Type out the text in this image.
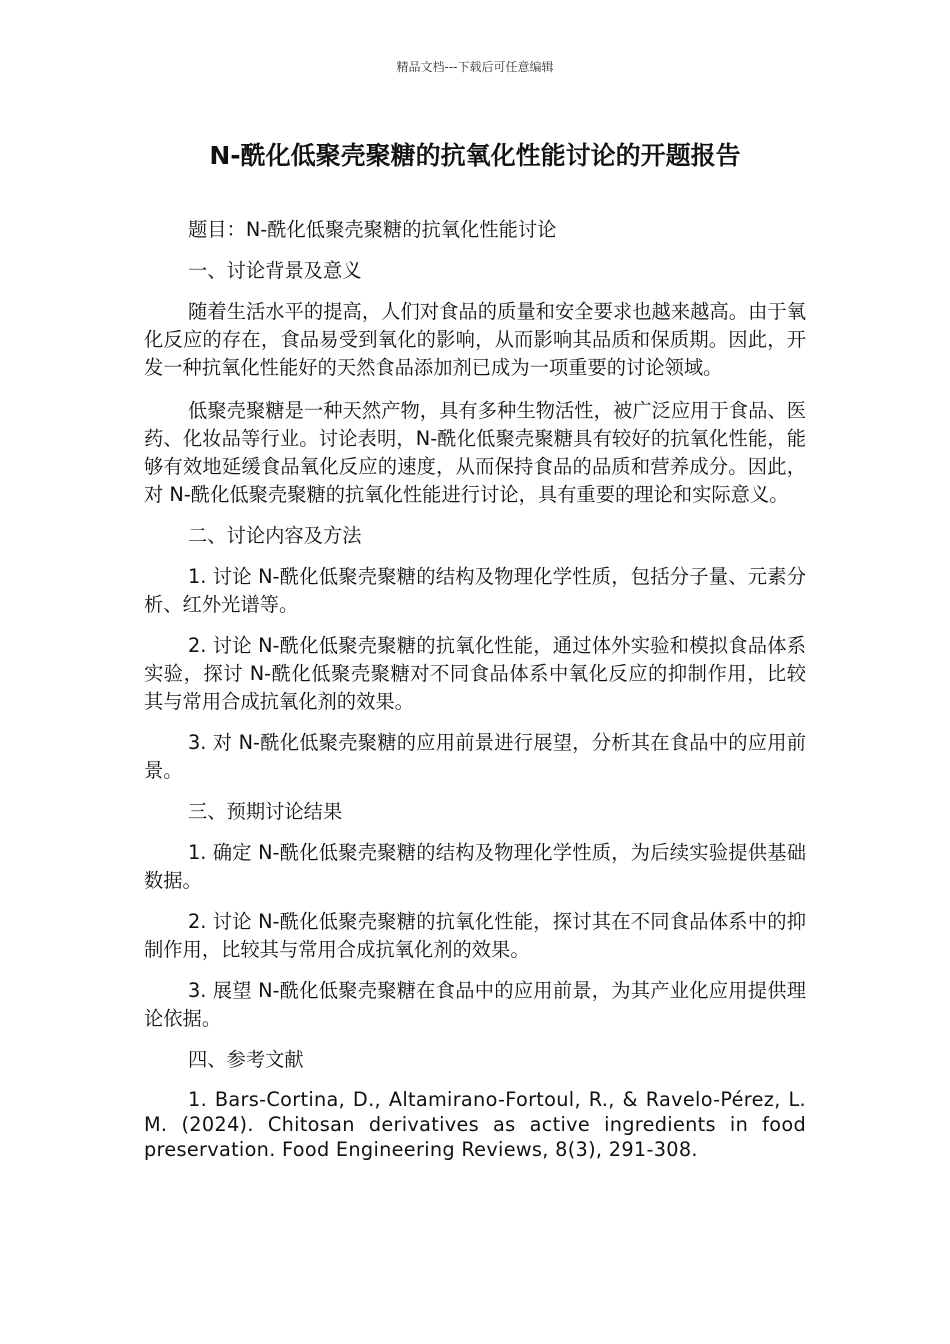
精品文档---下载后可任意编辑
N-酰化低聚壳聚糖的抗氧化性能讨论的开题报告

题目：N-酰化低聚壳聚糖的抗氧化性能讨论

一、讨论背景及意义

随着生活水平的提高，人们对食品的质量和安全要求也越来越高。由于氧化反应的存在，食品易受到氧化的影响，从而影响其品质和保质期。因此，开发一种抗氧化性能好的天然食品添加剂已成为一项重要的讨论领域。

低聚壳聚糖是一种天然产物，具有多种生物活性，被广泛应用于食品、医药、化妆品等行业。讨论表明，N-酰化低聚壳聚糖具有较好的抗氧化性能，能够有效地延缓食品氧化反应的速度，从而保持食品的品质和营养成分。因此，对 N-酰化低聚壳聚糖的抗氧化性能进行讨论，具有重要的理论和实际意义。

二、讨论内容及方法

1. 讨论 N-酰化低聚壳聚糖的结构及物理化学性质，包括分子量、元素分析、红外光谱等。

2. 讨论 N-酰化低聚壳聚糖的抗氧化性能，通过体外实验和模拟食品体系实验，探讨 N-酰化低聚壳聚糖对不同食品体系中氧化反应的抑制作用，比较其与常用合成抗氧化剂的效果。

3. 对 N-酰化低聚壳聚糖的应用前景进行展望，分析其在食品中的应用前景。

三、预期讨论结果

1. 确定 N-酰化低聚壳聚糖的结构及物理化学性质，为后续实验提供基础数据。

2. 讨论 N-酰化低聚壳聚糖的抗氧化性能，探讨其在不同食品体系中的抑制作用，比较其与常用合成抗氧化剂的效果。

3. 展望 N-酰化低聚壳聚糖在食品中的应用前景，为其产业化应用提供理论依据。

四、参考文献

1. Bars-Cortina, D., Altamirano-Fortoul, R., & Ravelo-Pérez, L. M. (2024). Chitosan derivatives as active ingredients in food preservation. Food Engineering Reviews, 8(3), 291-308.
